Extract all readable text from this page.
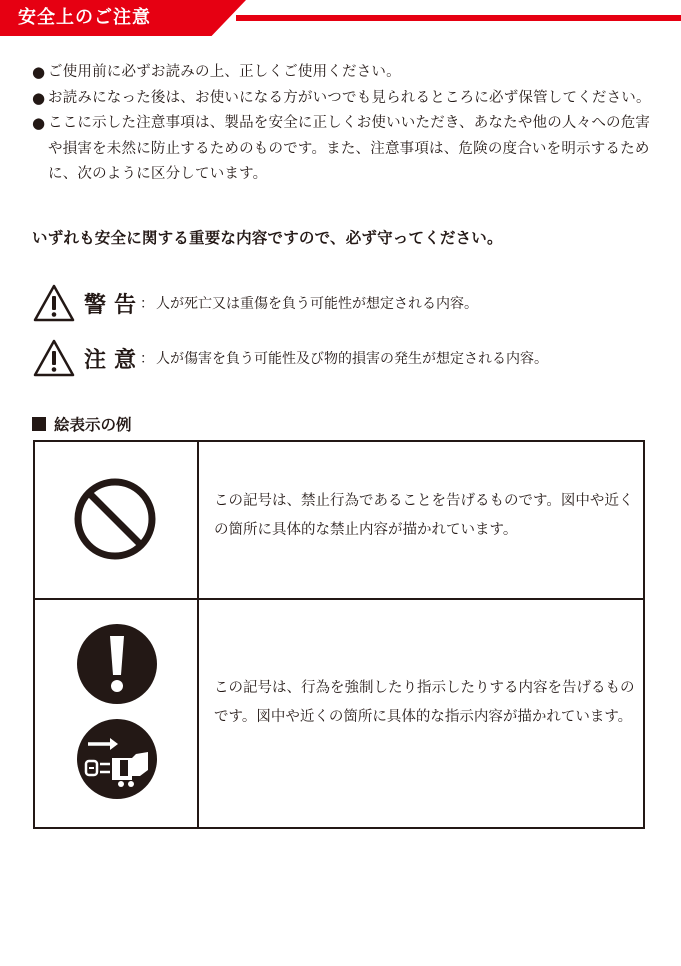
安全上のご注意
● ご使用前に必ずお読みの上、正しくご使用ください。
● お読みになった後は、お使いになる方がいつでも見られるところに必ず保管してください。
● ここに示した注意事項は、製品を安全に正しくお使いいただき、あなたや他の人々への危害や損害を未然に防止するためのものです。また、注意事項は、危険の度合いを明示するために、次のように区分しています。
いずれも安全に関する重要な内容ですので、必ず守ってください。
警告
： 人が死亡又は重傷を負う可能性が想定される内容。
注意
： 人が傷害を負う可能性及び物的損害の発生が想定される内容。
絵表示の例
この記号は、禁止行為であることを告げるものです。図中や近くの箇所に具体的な禁止内容が描かれています。
この記号は、行為を強制したり指示したりする内容を告げるものです。図中や近くの箇所に具体的な指示内容が描かれています。
